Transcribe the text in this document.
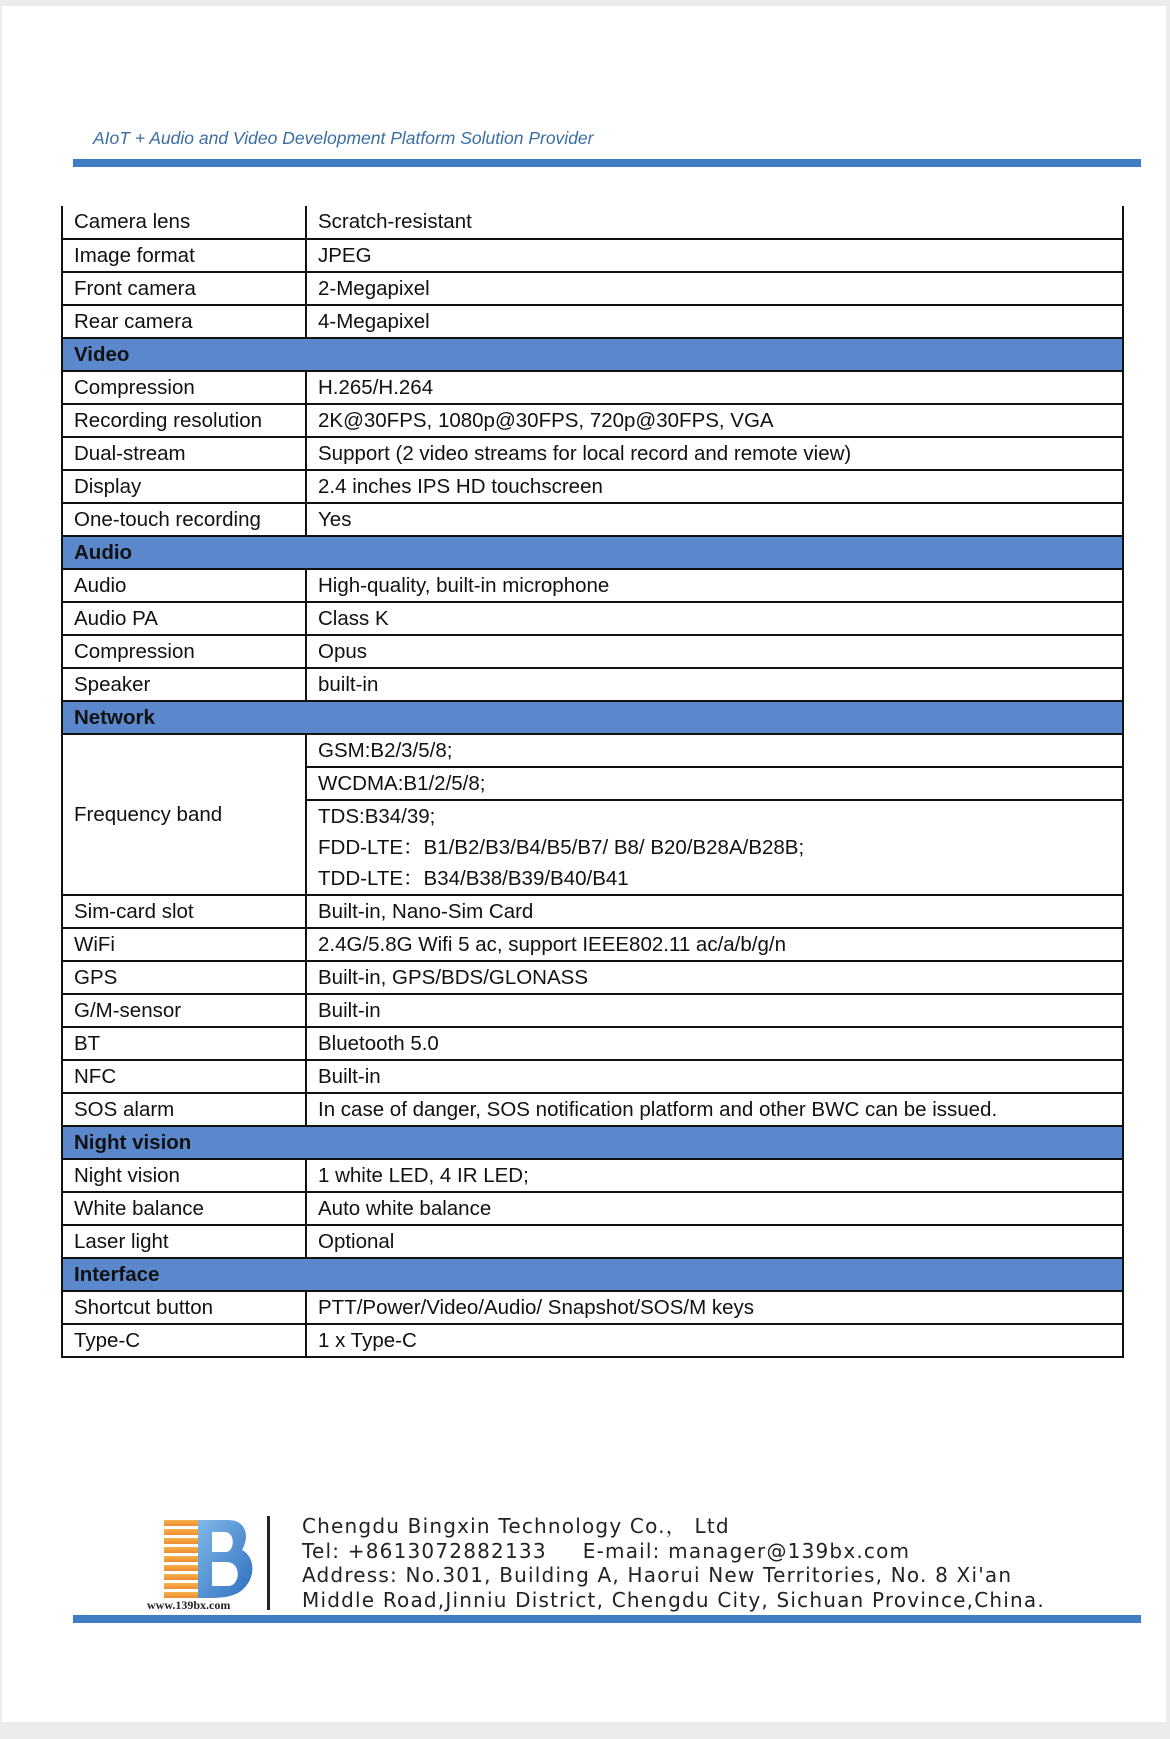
AIoT + Audio and Video Development Platform Solution Provider
Camera lens	Scratch-resistant
Image format	JPEG
Front camera	2-Megapixel
Rear camera	4-Megapixel
Video	
Compression	H.265/H.264
Recording resolution	2K@30FPS, 1080p@30FPS, 720p@30FPS, VGA
Dual-stream	Support (2 video streams for local record and remote view)
Display	2.4 inches IPS HD touchscreen
One-touch recording	Yes
Audio	
Audio	High-quality, built-in microphone
Audio PA	Class K
Compression	Opus
Speaker	built-in
Network	
Frequency band	GSM:B2/3/5/8;
	WCDMA:B1/2/5/8;

	TDS:B34/39;
FDD-LTE：B1/B2/B3/B4/B5/B7/ B8/ B20/B28A/B28B;
TDD-LTE：B34/B38/B39/B40/B41

Sim-card slot	Built-in, Nano-Sim Card
WiFi	2.4G/5.8G Wifi 5 ac, support IEEE802.11 ac/a/b/g/n
GPS	Built-in, GPS/BDS/GLONASS
G/M-sensor	Built-in
BT	Bluetooth 5.0
NFC	Built-in
SOS alarm	In case of danger, SOS notification platform and other BWC can be issued.
Night vision	
Night vision	1 white LED, 4 IR LED;
White balance	Auto white balance
Laser light	Optional
Interface	
Shortcut button	PTT/Power/Video/Audio/ Snapshot/SOS/M keys
Type-C	1 x Type-C
www.139bx.com
Chengdu Bingxin Technology Co.， Ltd
Tel: +8613072882133 E-mail: manager@139bx.com
Address: No.301, Building A, Haorui New Territories, No. 8 Xi'an
Middle Road,Jinniu District, Chengdu City, Sichuan Province,China.
